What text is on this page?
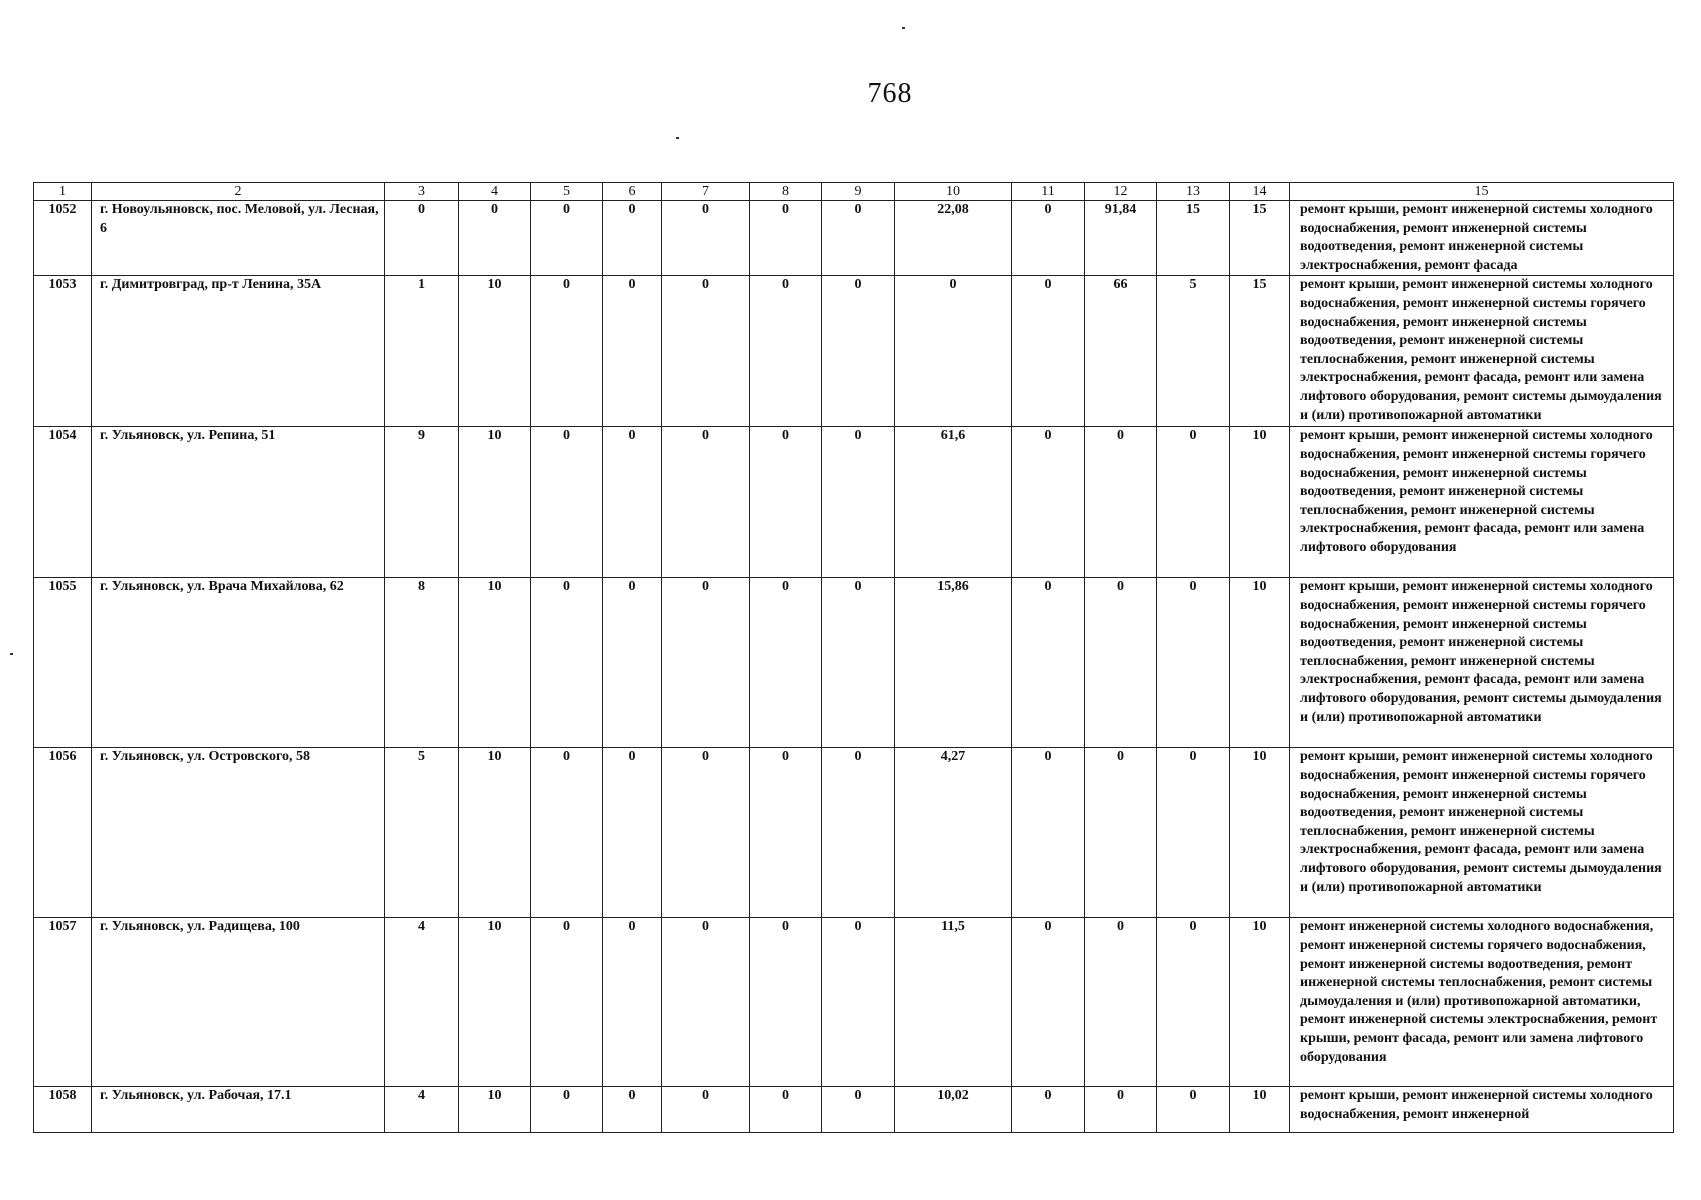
768
1	2	3	4	5	6	7	8	9	10	11	12	13	14	15
1052	г. Новоульяновск, пос. Меловой, ул. Лесная, 6	0	0	0	0	0	0	0	22,08	0	91,84	15	15	ремонт крыши, ремонт инженерной системы холодного водоснабжения, ремонт инженерной системы водоотведения, ремонт инженерной системы электроснабжения, ремонт фасада
1053	г. Димитровград, пр-т Ленина, 35А	1	10	0	0	0	0	0	0	0	66	5	15	ремонт крыши, ремонт инженерной системы холодного водоснабжения, ремонт инженерной системы горячего водоснабжения, ремонт инженерной системы водоотведения, ремонт инженерной системы теплоснабжения, ремонт инженерной системы электроснабжения, ремонт фасада, ремонт или замена лифтового оборудования, ремонт системы дымоудаления и (или) противопожарной автоматики
1054	г. Ульяновск, ул. Репина, 51	9	10	0	0	0	0	0	61,6	0	0	0	10	ремонт крыши, ремонт инженерной системы холодного водоснабжения, ремонт инженерной системы горячего водоснабжения, ремонт инженерной системы водоотведения, ремонт инженерной системы теплоснабжения, ремонт инженерной системы электроснабжения, ремонт фасада, ремонт или замена лифтового оборудования
1055	г. Ульяновск, ул. Врача Михайлова, 62	8	10	0	0	0	0	0	15,86	0	0	0	10	ремонт крыши, ремонт инженерной системы холодного водоснабжения, ремонт инженерной системы горячего водоснабжения, ремонт инженерной системы водоотведения, ремонт инженерной системы теплоснабжения, ремонт инженерной системы электроснабжения, ремонт фасада, ремонт или замена лифтового оборудования, ремонт системы дымоудаления и (или) противопожарной автоматики
1056	г. Ульяновск, ул. Островского, 58	5	10	0	0	0	0	0	4,27	0	0	0	10	ремонт крыши, ремонт инженерной системы холодного водоснабжения, ремонт инженерной системы горячего водоснабжения, ремонт инженерной системы водоотведения, ремонт инженерной системы теплоснабжения, ремонт инженерной системы электроснабжения, ремонт фасада, ремонт или замена лифтового оборудования, ремонт системы дымоудаления и (или) противопожарной автоматики
1057	г. Ульяновск, ул. Радищева, 100	4	10	0	0	0	0	0	11,5	0	0	0	10	ремонт инженерной системы холодного водоснабжения, ремонт инженерной системы горячего водоснабжения, ремонт инженерной системы водоотведения, ремонт инженерной системы теплоснабжения, ремонт системы дымоудаления и (или) противопожарной автоматики, ремонт инженерной системы электроснабжения, ремонт крыши, ремонт фасада, ремонт или замена лифтового оборудования
1058	г. Ульяновск, ул. Рабочая, 17.1	4	10	0	0	0	0	0	10,02	0	0	0	10	ремонт крыши, ремонт инженерной системы холодного водоснабжения, ремонт инженерной
